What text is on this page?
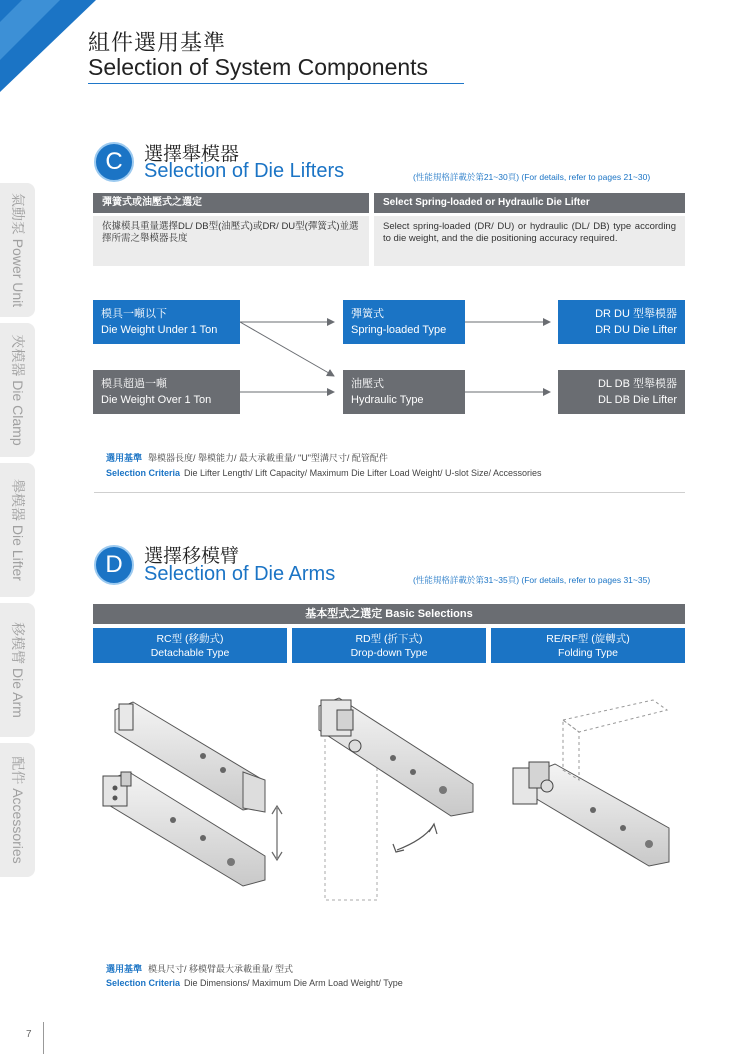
組件選用基準
Selection of System Components
氣動泵 Power Unit
夾模器 Die Clamp
舉模器 Die Lifter
移模臂 Die Arm
配件 Accessories
C	選擇舉模器
Selection of Die Lifters	(性能規格詳載於第21~30頁) (For details, refer to pages 21~30)
彈簧式或油壓式之選定	Select Spring-loaded or Hydraulic Die Lifter
依據模具重量選擇DL/ DB型(油壓式)或DR/ DU型(彈簧式)並選擇所需之舉模器長度
Select spring-loaded (DR/ DU) or hydraulic (DL/ DB) type according to die weight, and the die positioning accuracy required.
模具一噸以下
Die Weight Under 1 Ton
模具超過一噸
Die Weight Over 1 Ton
彈簧式
Spring-loaded Type
油壓式
Hydraulic Type
DR DU 型舉模器
DR DU Die Lifter
DL DB 型舉模器
DL DB Die Lifter
選用基準 舉模器長度/ 舉模能力/ 最大承載重量/ "U"型溝尺寸/ 配管配件
Selection Criteria Die Lifter Length/ Lift Capacity/ Maximum Die Lifter Load Weight/ U-slot Size/ Accessories
D	選擇移模臂
Selection of Die Arms	(性能規格詳載於第31~35頁) (For details, refer to pages 31~35)
基本型式之選定 Basic Selections
RC型 (移動式)
Detachable Type
RD型 (折下式)
Drop-down Type
RE/RF型 (旋轉式)
Folding Type
選用基準 模具尺寸/ 移模臂最大承載重量/ 型式
Selection Criteria Die Dimensions/ Maximum Die Arm Load Weight/ Type
7
